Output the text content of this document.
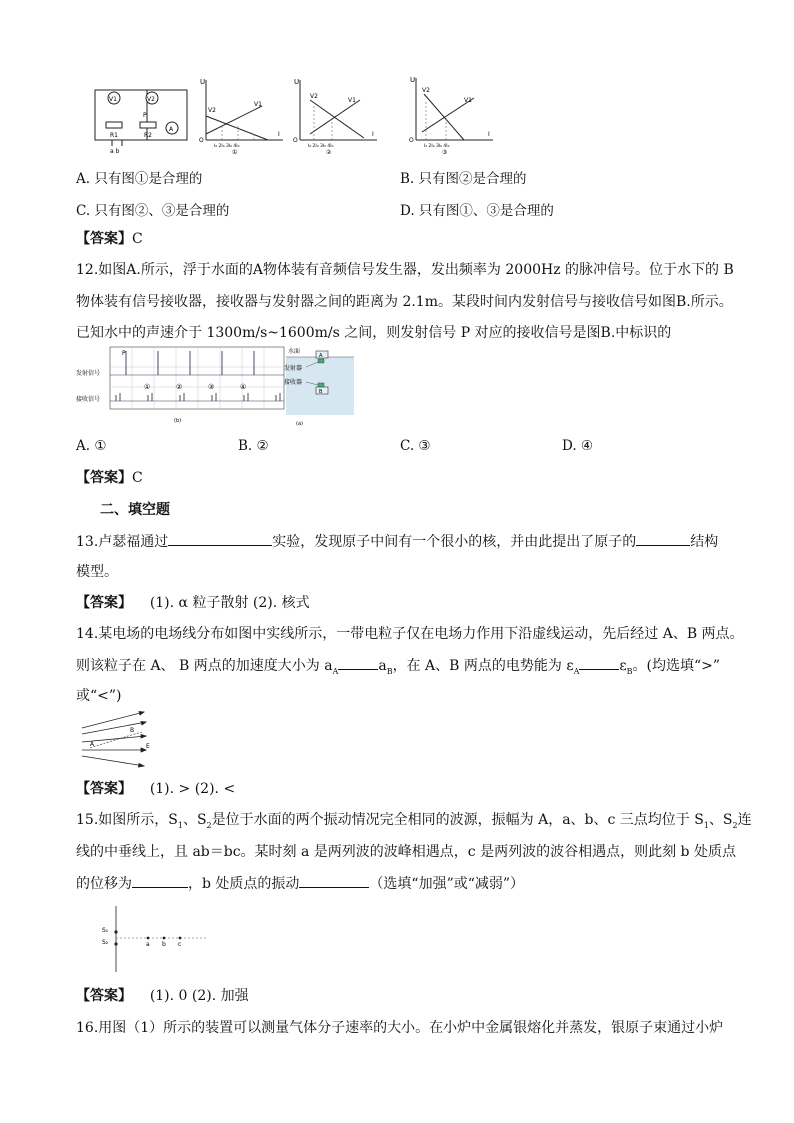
V1	V2
R1	R2
P
A
a b
U
O
I
V2
V1
I₀ 2I₀ 3I₀ 4I₀
①
U
O
I
V2
V1
I₀ 2I₀ 3I₀ 4I₀
②
U
O
I
V2
V1
I₀ 2I₀ 3I₀ 4I₀
③
A. 只有图①是合理的	B. 只有图②是合理的
C. 只有图②、③是合理的	D. 只有图①、③是合理的
【答案】C
12.如图A.所示，浮于水面的A物体装有音频信号发生器，发出频率为 2000Hz 的脉冲信号。位于水下的 B
物体装有信号接收器，接收器与发射器之间的距离为 2.1m。某段时间内发射信号与接收信号如图B.所示。
已知水中的声速介于 1300m/s~1600m/s 之间，则发射信号 P 对应的接收信号是图B.中标识的
发射信号
接收信号
P
①	②	③	④
(b)
水面
发射器
接收器
A
B
(a)
A. ①	B. ②	C. ③	D. ④
【答案】C
二、填空题
13.卢瑟福通过	实验，发现原子中间有一个很小的核，并由此提出了原子的	结构
模型。
【答案】 (1). α 粒子散射 (2). 核式
14.某电场的电场线分布如图中实线所示，一带电粒子仅在电场力作用下沿虚线运动，先后经过 A、B 两点。
则该粒子在 A、 B 两点的加速度大小为 $a_A$	$a_B$，在 A、B 两点的电势能为 $\varepsilon_A$	$\varepsilon_B$。(均选填“>”
或“<”)
A
B
E
【答案】 (1). > (2). <
15.如图所示，$S_1$、$S_2$是位于水面的两个振动情况完全相同的波源，振幅为 A，a、b、c 三点均位于 $S_1$、$S_2$连
线的中垂线上，且 ab＝bc。某时刻 a 是两列波的波峰相遇点，c 是两列波的波谷相遇点，则此刻 b 处质点
的位移为	，b 处质点的振动	（选填“加强”或“减弱”）
S₁
S₂	a b c
【答案】 (1). 0 (2). 加强
16.用图（1）所示的装置可以测量气体分子速率的大小。在小炉中金属银熔化并蒸发，银原子束通过小炉
